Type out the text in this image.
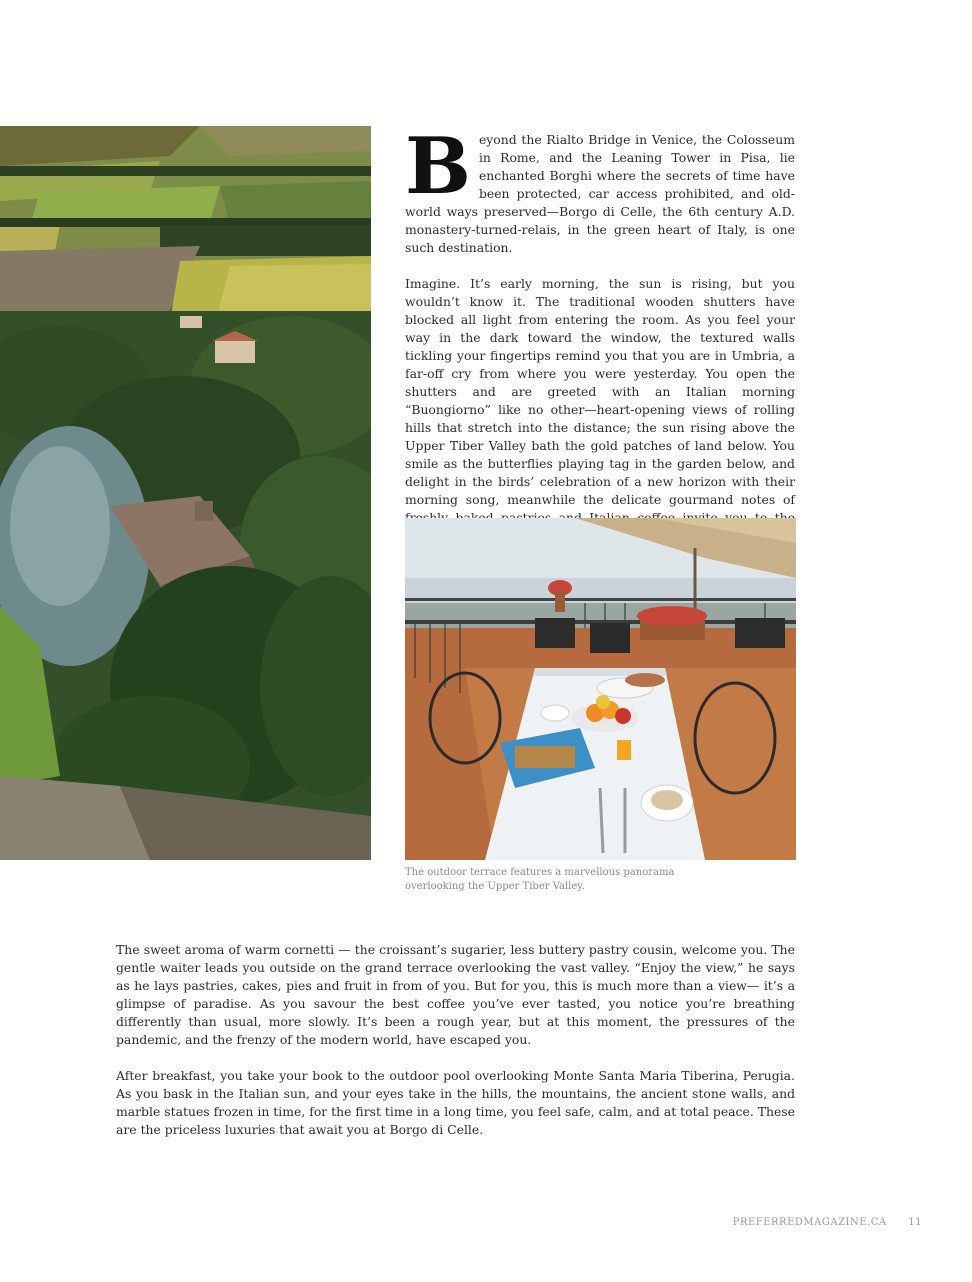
Beyond the Rialto Bridge in Venice, the Colosseum in Rome, and the Leaning Tower in Pisa, lie enchanted Borghi where the secrets of time have been protected, car access prohibited, and old-world ways preserved—Borgo di Celle, the 6th century A.D. monastery-turned-relais, in the green heart of Italy, is one such destination.

Imagine. It’s early morning, the sun is rising, but you wouldn’t know it. The traditional wooden shutters have blocked all light from entering the room. As you feel your way in the dark toward the window, the textured walls tickling your fingertips remind you that you are in Umbria, a far-off cry from where you were yesterday. You open the shutters and are greeted with an Italian morning “Buongiorno” like no other—heart-opening views of rolling hills that stretch into the distance; the sun rising above the Upper Tiber Valley bath the gold patches of land below. You smile as the butterflies playing tag in the garden below, and delight in the birds’ celebration of a new horizon with their morning song, meanwhile the delicate gourmand notes of

The outdoor terrace features a marvellous panorama
overlooking the Upper Tiber Valley.

The sweet aroma of warm cornetti — the croissant’s sugarier, less buttery pastry cousin, welcome you. The gentle waiter leads you outside on the grand terrace overlooking the vast valley. “Enjoy the view,” he says as he lays pastries, cakes, pies and fruit in from of you. But for you, this is much more than a view— it’s a glimpse of paradise. As you savour the best coffee you’ve ever tasted, you notice you’re breathing differently than usual, more slowly. It’s been a rough year, but at this moment, the pressures of the pandemic, and the frenzy of the modern world, have escaped you.

After breakfast, you take your book to the outdoor pool overlooking Monte Santa Maria Tiberina, Perugia. As you bask in the Italian sun, and your eyes take in the hills, the mountains, the ancient stone walls, and marble statues frozen in time, for the first time in a long time, you feel safe, calm, and at total peace. These are the priceless luxuries that await you at Borgo di Celle.

PREFERREDMAGAZINE.CA 11
